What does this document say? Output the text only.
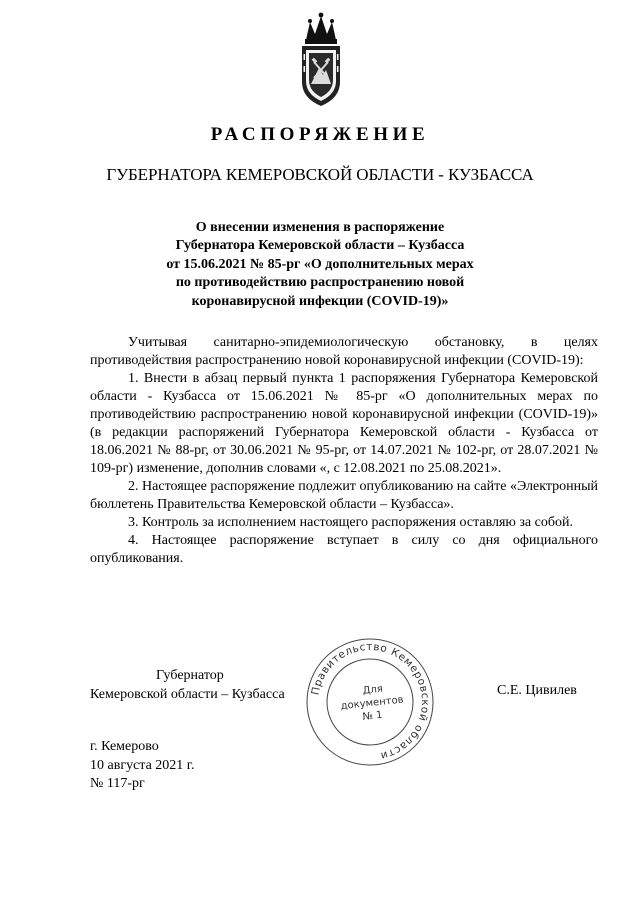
РАСПОРЯЖЕНИЕ
ГУБЕРНАТОРА КЕМЕРОВСКОЙ ОБЛАСТИ - КУЗБАССА
О внесении изменения в распоряжение
Губернатора Кемеровской области – Кузбасса
от 15.06.2021 № 85-рг «О дополнительных мерах
по противодействию распространению новой
коронавирусной инфекции (COVID-19)»

Учитывая санитарно-эпидемиологическую обстановку, в целях противодействия распространению новой коронавирусной инфекции (COVID-19):

1. Внести в абзац первый пункта 1 распоряжения Губернатора Кемеровской области - Кузбасса от 15.06.2021 № 85-рг «О дополнительных мерах по противодействию распространению новой коронавирусной инфекции (COVID-19)» (в редакции распоряжений Губернатора Кемеровской области - Кузбасса от 18.06.2021 № 88-рг, от 30.06.2021 № 95-рг, от 14.07.2021 № 102-рг, от 28.07.2021 № 109-рг) изменение, дополнив словами «, с 12.08.2021 по 25.08.2021».

2. Настоящее распоряжение подлежит опубликованию на сайте «Электронный бюллетень Правительства Кемеровской области – Кузбасса».

3. Контроль за исполнением настоящего распоряжения оставляю за собой.

4. Настоящее распоряжение вступает в силу со дня официального опубликования.

Губернатор
Кемеровской области – Кузбасса Правительство Кемеровской области
Для
документов
№ 1
С.Е. Цивилев
г. Кемерово
10 августа 2021 г.
№ 117-рг
